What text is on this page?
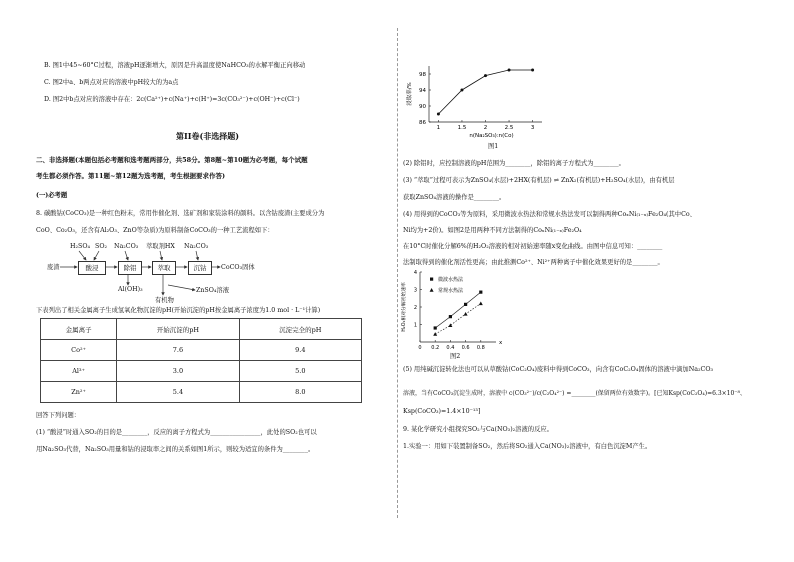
B. 图1中45~60°C过程，溶液pH逐渐增大，原因是升高温度使NaHCO₃的水解平衡正向移动
C. 图2中a、b两点对应的溶液中pH较大的为a点
D. 图2中b点对应的溶液中存在：2c(Ca²⁺)+c(Na⁺)+c(H⁺)=3c(CO₃²⁻)+c(OH⁻)+c(Cl⁻)
第II卷(非选择题)
二、非选择题(本题包括必考题和选考题两部分，共58分。第8题~第10题为必考题，每个试题
考生都必须作答。第11题~第12题为选考题，考生根据要求作答)
(一)必考题
8. 碳酸钴(CoCO₃)是一种红色粉末，常用作催化剂、选矿剂和家装涂料的颜料。以含钴废渣(主要成分为
CoO、Co₂O₃，还含有Al₂O₃、ZnO等杂质)为原料制备CoCO₃的一种工艺流程如下：
H₂SO₄ SO₂ Na₂CO₃ 萃取剂HX Na₂CO₃
废渣	酸浸	除铝	萃取	沉钴	CoCO₃固体
Al(OH)₃
有机物
ZnSO₄溶液
下表列出了相关金属离子生成氢氧化物沉淀的pH(开始沉淀的pH按金属离子浓度为1.0 mol · L⁻¹计算)
金属离子	开始沉淀的pH	沉淀完全的pH
Co²⁺	7.6	9.4
Al³⁺	3.0	5.0
Zn²⁺	5.4	8.0
回答下列问题：
(1) “酸浸”时通入SO₂的目的是________，反应的离子方程式为________________，此处的SO₂也可以
用Na₂SO₃代替，Na₂SO₃用量和钴的浸取率之间的关系如图1所示，则较为适宜的条件为________。
86
90
94
98
1	1.5	2	2.5	3
n(Na₂SO₃):n(Co)
浸取率/%
图1
(2) 除铝时，应控制溶液的pH范围为________，除铝的离子方程式为________。
(3) “萃取”过程可表示为ZnSO₄(水层)+2HX(有机层) ⇌ ZnX₂(有机层)+H₂SO₄(水层)，由有机层
获取ZnSO₄溶液的操作是________。
(4) 用得到的CoCO₃等为原料，采用微波水热法和常规水热法发可以制得两种CoₓNi₍₁₋ₓ₎Fe₂O₄(其中Co、
Ni均为+2价)。如图2是用两种不同方法制得的CoₓNi₍₁₋ₓ₎Fe₂O₄
在10°C时催化分解6%的H₂O₂溶液的相对初始速率随x变化曲线。由图中信息可知：________
法制取得到的催化剂活性更高；由此推测Co²⁺、Ni²⁺两种离子中催化效果更好的是________。
1
2
3
4
0 0.2 0.4 0.6 0.8
x
H₂O₂相对分解初始速率
微波水热法
常规水热法
图2
(5) 用纯碱沉淀转化法也可以从草酸钴(CoC₂O₄)废料中得到CoCO₃，向含有CoC₂O₄固体的溶液中滴加Na₂CO₃
溶液，当有CoCO₃沉淀生成时，溶液中 c(CO₃²⁻)/c(C₂O₄²⁻) =________(保留两位有效数字)。[已知Ksp(CoC₂O₄)=6.3×10⁻⁸、
Ksp(CoCO₃)=1.4×10⁻¹³]
9. 某化学研究小组探究SO₂与Ca(NO₃)₂溶液的反应。
1.实验一：用如下装置制备SO₂，然后将SO₂通入Ca(NO₃)₂溶液中，有白色沉淀M产生。
